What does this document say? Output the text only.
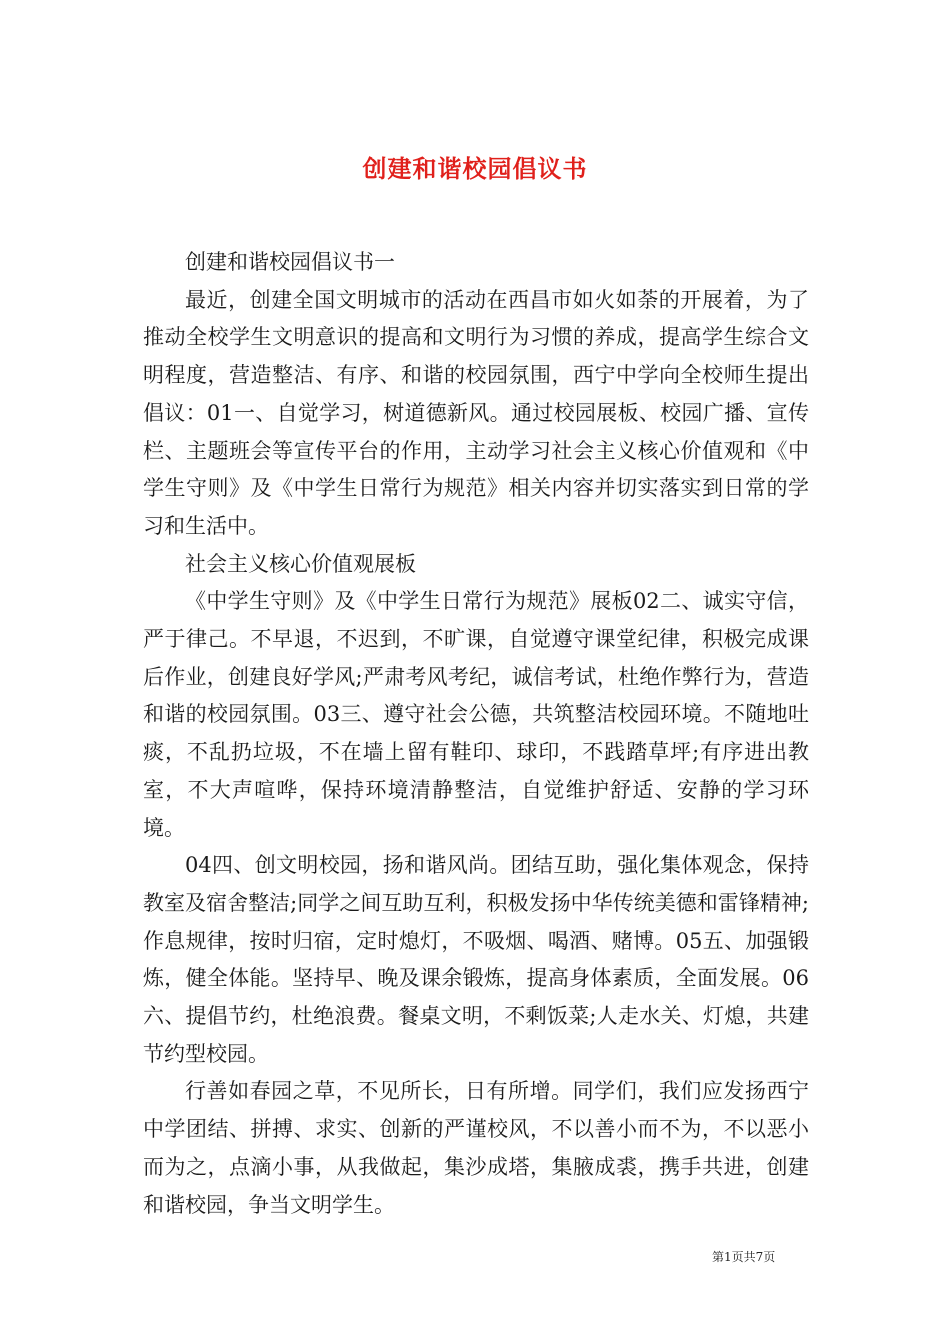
创建和谐校园倡议书

创建和谐校园倡议书一

最近，创建全国文明城市的活动在西昌市如火如荼的开展着，为了推动全校学生文明意识的提高和文明行为习惯的养成，提高学生综合文明程度，营造整洁、有序、和谐的校园氛围，西宁中学向全校师生提出倡议：01一、自觉学习，树道德新风。通过校园展板、校园广播、宣传栏、主题班会等宣传平台的作用，主动学习社会主义核心价值观和《中学生守则》及《中学生日常行为规范》相关内容并切实落实到日常的学习和生活中。

社会主义核心价值观展板

《中学生守则》及《中学生日常行为规范》展板02二、诚实守信，严于律己。不早退，不迟到，不旷课，自觉遵守课堂纪律，积极完成课后作业，创建良好学风;严肃考风考纪，诚信考试，杜绝作弊行为，营造和谐的校园氛围。03三、遵守社会公德，共筑整洁校园环境。不随地吐痰，不乱扔垃圾，不在墙上留有鞋印、球印，不践踏草坪;有序进出教室，不大声喧哗，保持环境清静整洁，自觉维护舒适、安静的学习环境。

04四、创文明校园，扬和谐风尚。团结互助，强化集体观念，保持教室及宿舍整洁;同学之间互助互利，积极发扬中华传统美德和雷锋精神;作息规律，按时归宿，定时熄灯，不吸烟、喝酒、赌博。05五、加强锻炼，健全体能。坚持早、晚及课余锻炼，提高身体素质，全面发展。06六、提倡节约，杜绝浪费。餐桌文明，不剩饭菜;人走水关、灯熄，共建节约型校园。

行善如春园之草，不见所长，日有所增。同学们，我们应发扬西宁中学团结、拼搏、求实、创新的严谨校风，不以善小而不为，不以恶小而为之，点滴小事，从我做起，集沙成塔，集腋成裘，携手共进，创建和谐校园，争当文明学生。

第1页共7页
